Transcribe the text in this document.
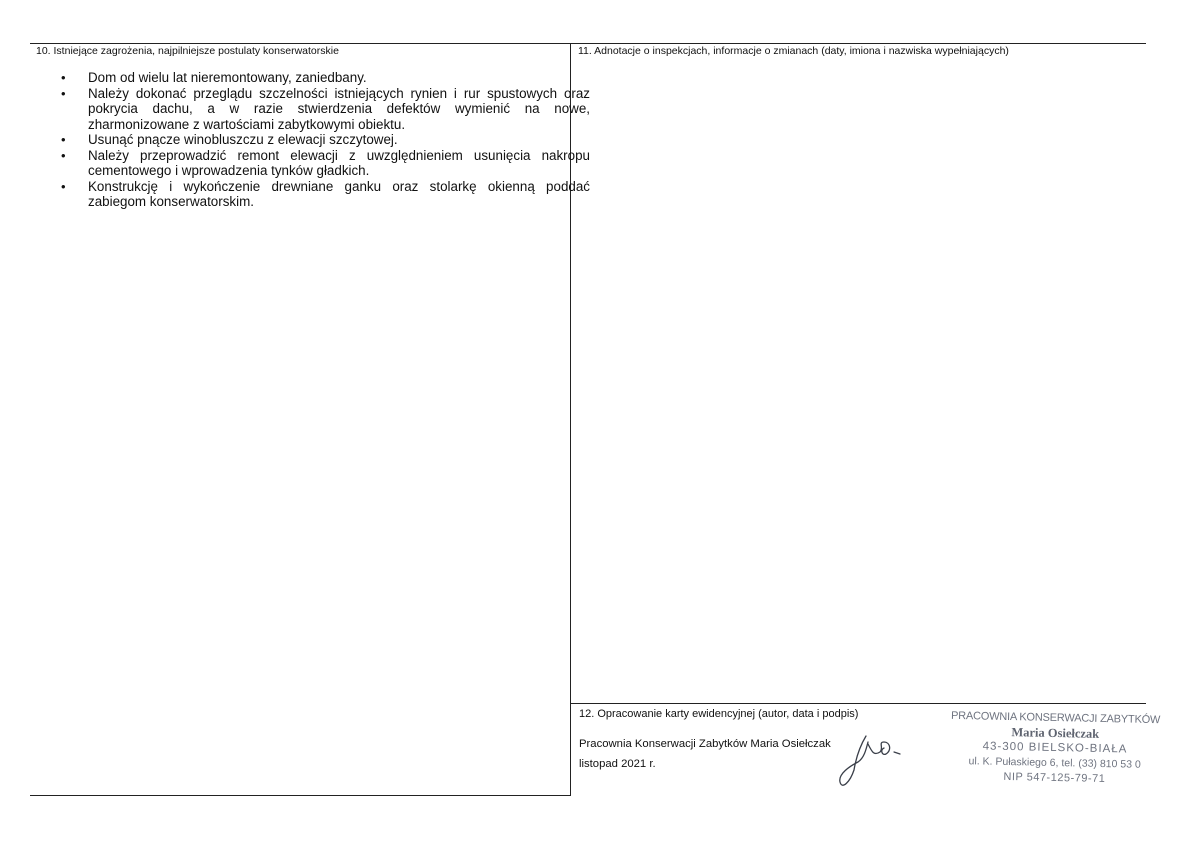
10. Istniejące zagrożenia, najpilniejsze postulaty konserwatorskie
• Dom od wielu lat nieremontowany, zaniedbany.
• Należy dokonać przeglądu szczelności istniejących rynien i rur spustowych oraz pokrycia dachu, a w razie stwierdzenia defektów wymienić na nowe, zharmonizowane z wartościami zabytkowymi obiektu.
• Usunąć pnącze winobluszczu z elewacji szczytowej.
• Należy przeprowadzić remont elewacji z uwzględnieniem usunięcia nakropu cementowego i wprowadzenia tynków gładkich.
• Konstrukcję i wykończenie drewniane ganku oraz stolarkę okienną poddać zabiegom konserwatorskim.
11. Adnotacje o inspekcjach, informacje o zmianach (daty, imiona i nazwiska wypełniających)
12. Opracowanie karty ewidencyjnej (autor, data i podpis)
Pracownia Konserwacji Zabytków Maria Osiełczak
listopad 2021 r.
PRACOWNIA KONSERWACJI ZABYTKÓW
Maria Osiełczak
43-300 BIELSKO-BIAŁA
ul. K. Pułaskiego 6, tel. (33) 810 53 0
NIP 547-125-79-71
